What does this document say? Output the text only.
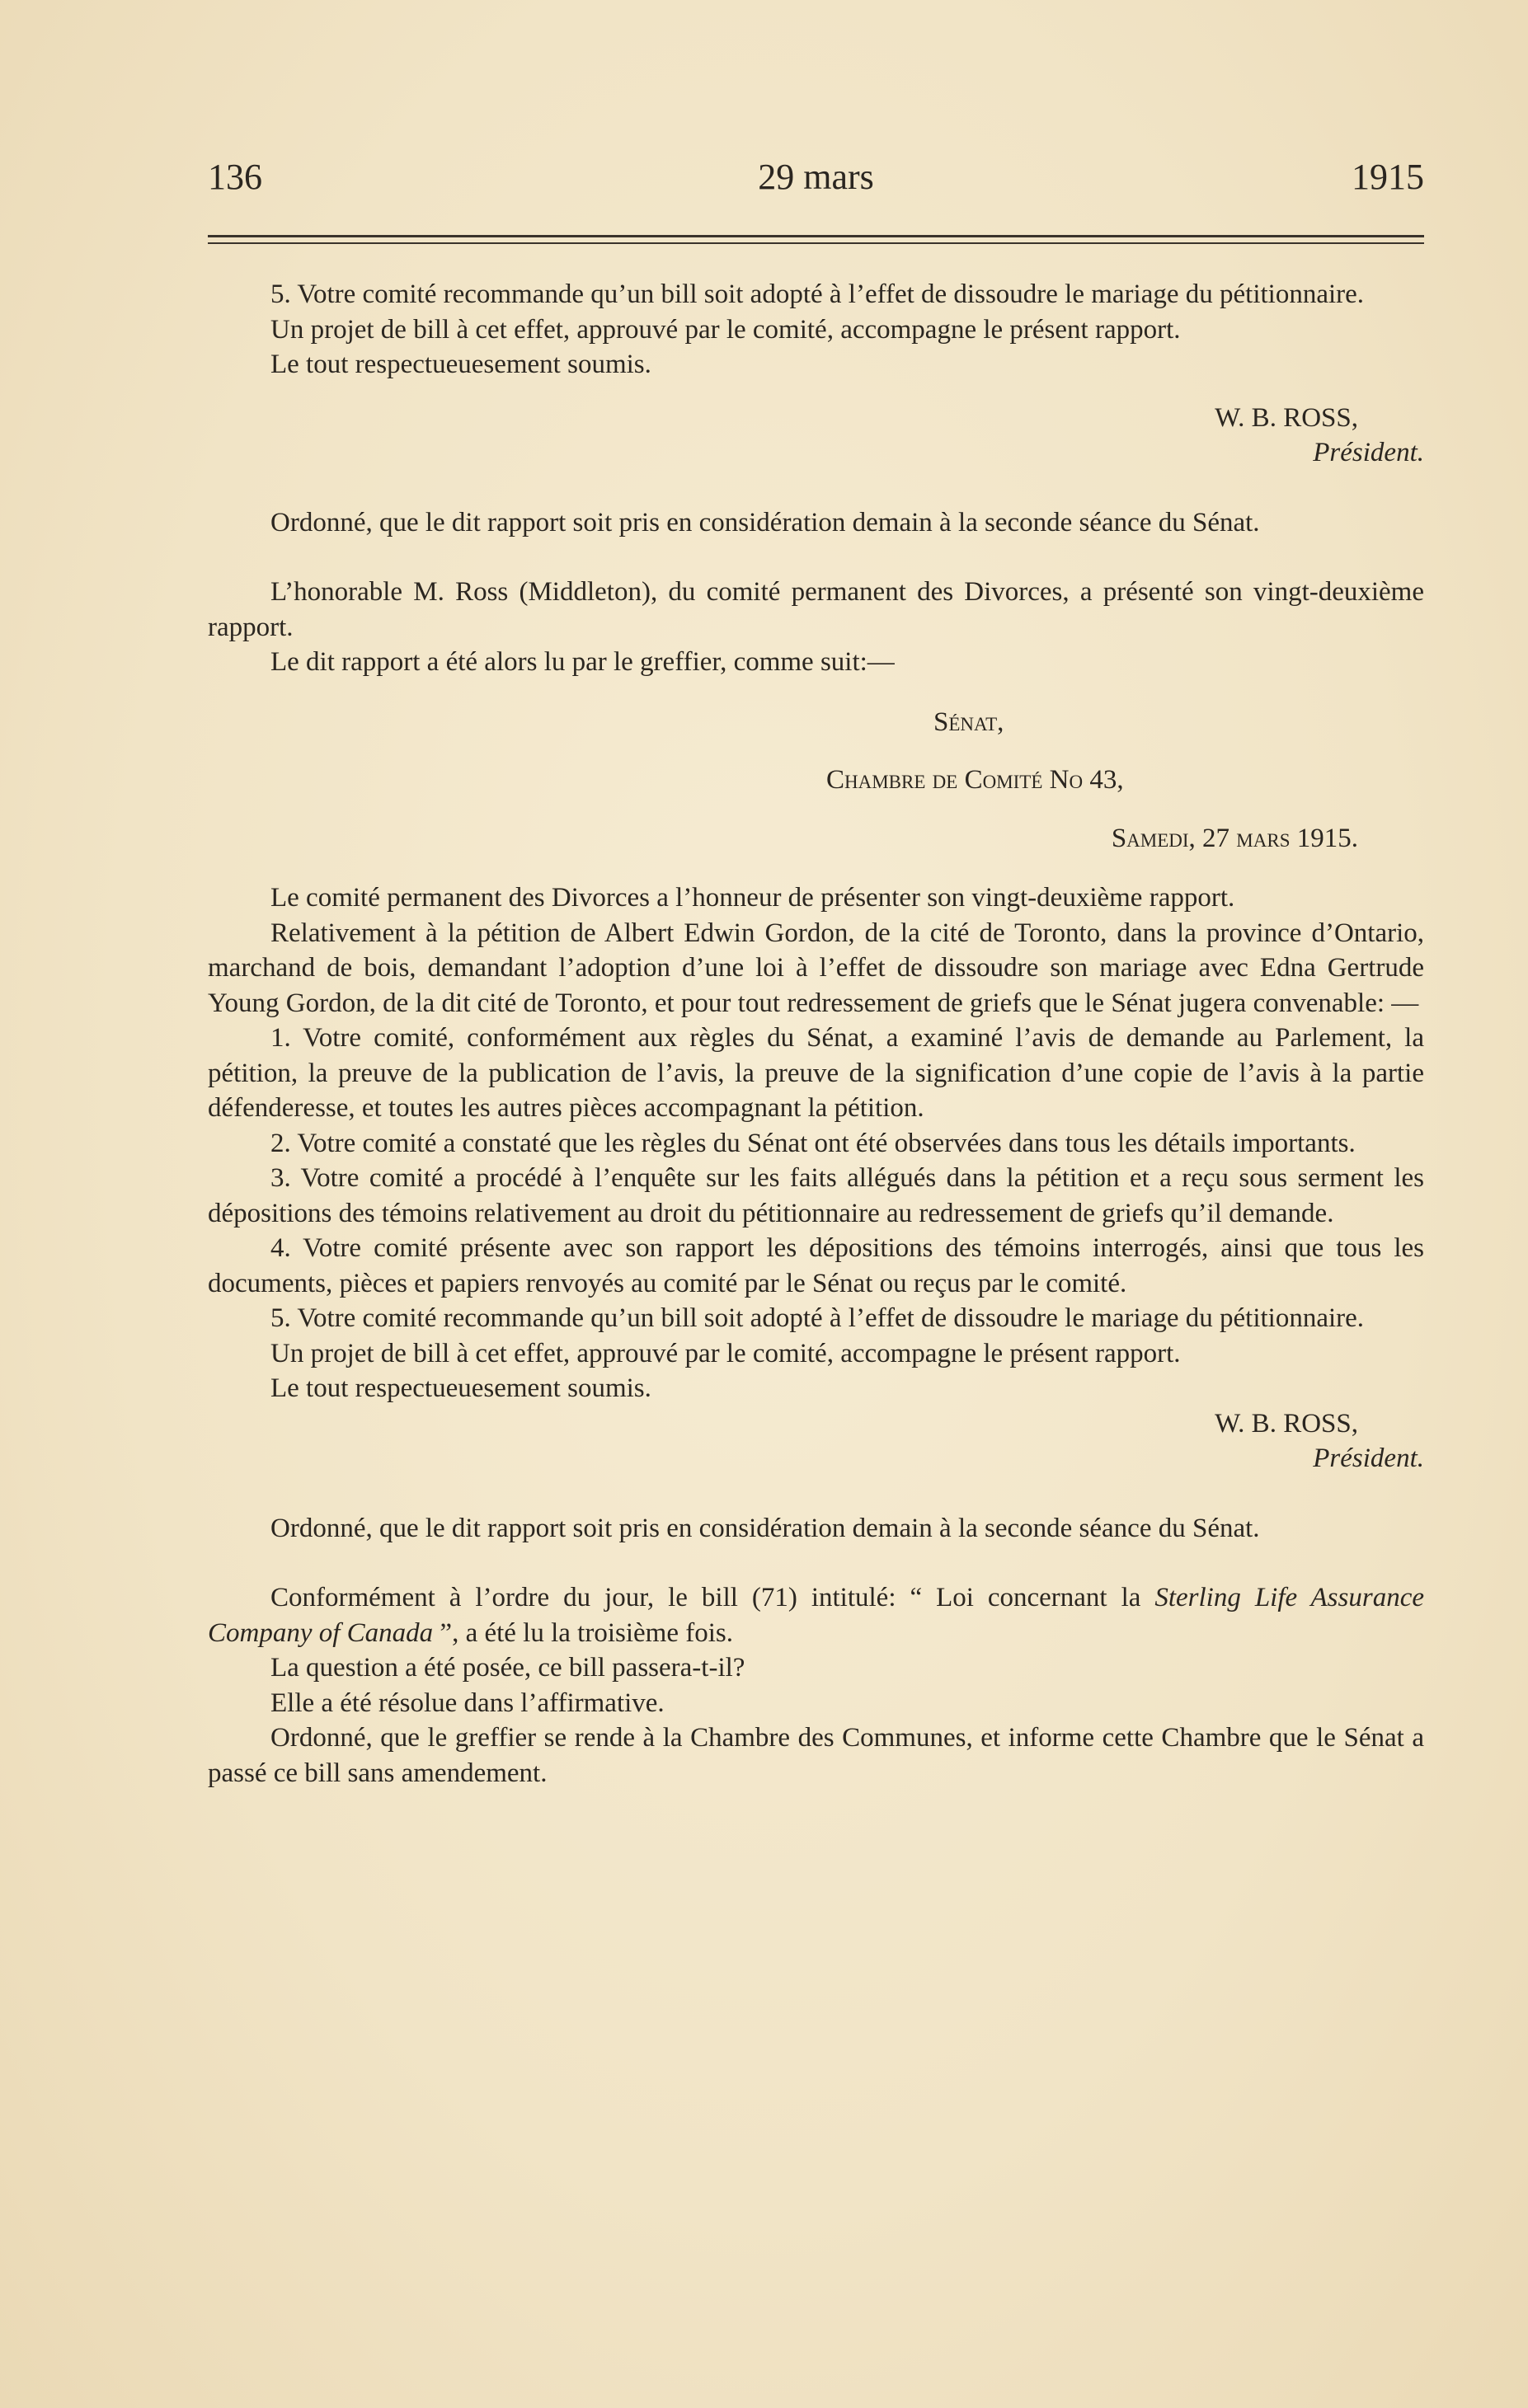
136	29 mars	1915

5. Votre comité recommande qu’un bill soit adopté à l’effet de dissoudre le mariage du pétitionnaire.

Un projet de bill à cet effet, approuvé par le comité, accompagne le présent rapport.

Le tout respectueuesement soumis.

W. B. ROSS,

Président.

Ordonné, que le dit rapport soit pris en considération demain à la seconde séance du Sénat.

L’honorable M. Ross (Middleton), du comité permanent des Divorces, a présenté son vingt-deuxième rapport.

Le dit rapport a été alors lu par le greffier, comme suit:—

Sénat,

Chambre de Comité No 43,

Samedi, 27 mars 1915.

Le comité permanent des Divorces a l’honneur de présenter son vingt-deuxième rapport.

Relativement à la pétition de Albert Edwin Gordon, de la cité de Toronto, dans la province d’Ontario, marchand de bois, demandant l’adoption d’une loi à l’effet de dissoudre son mariage avec Edna Gertrude Young Gordon, de la dit cité de Toronto, et pour tout redressement de griefs que le Sénat jugera convenable: —

1. Votre comité, conformément aux règles du Sénat, a examiné l’avis de demande au Parlement, la pétition, la preuve de la publication de l’avis, la preuve de la signification d’une copie de l’avis à la partie défenderesse, et toutes les autres pièces accompagnant la pétition.

2. Votre comité a constaté que les règles du Sénat ont été observées dans tous les détails importants.

3. Votre comité a procédé à l’enquête sur les faits allégués dans la pétition et a reçu sous serment les dépositions des témoins relativement au droit du pétitionnaire au redressement de griefs qu’il demande.

4. Votre comité présente avec son rapport les dépositions des témoins interrogés, ainsi que tous les documents, pièces et papiers renvoyés au comité par le Sénat ou reçus par le comité.

5. Votre comité recommande qu’un bill soit adopté à l’effet de dissoudre le mariage du pétitionnaire.

Un projet de bill à cet effet, approuvé par le comité, accompagne le présent rapport.

Le tout respectueuesement soumis.

W. B. ROSS,

Président.

Ordonné, que le dit rapport soit pris en considération demain à la seconde séance du Sénat.

Conformément à l’ordre du jour, le bill (71) intitulé: “ Loi concernant la Sterling Life Assurance Company of Canada ”, a été lu la troisième fois.

La question a été posée, ce bill passera-t-il?

Elle a été résolue dans l’affirmative.

Ordonné, que le greffier se rende à la Chambre des Communes, et informe cette Chambre que le Sénat a passé ce bill sans amendement.
